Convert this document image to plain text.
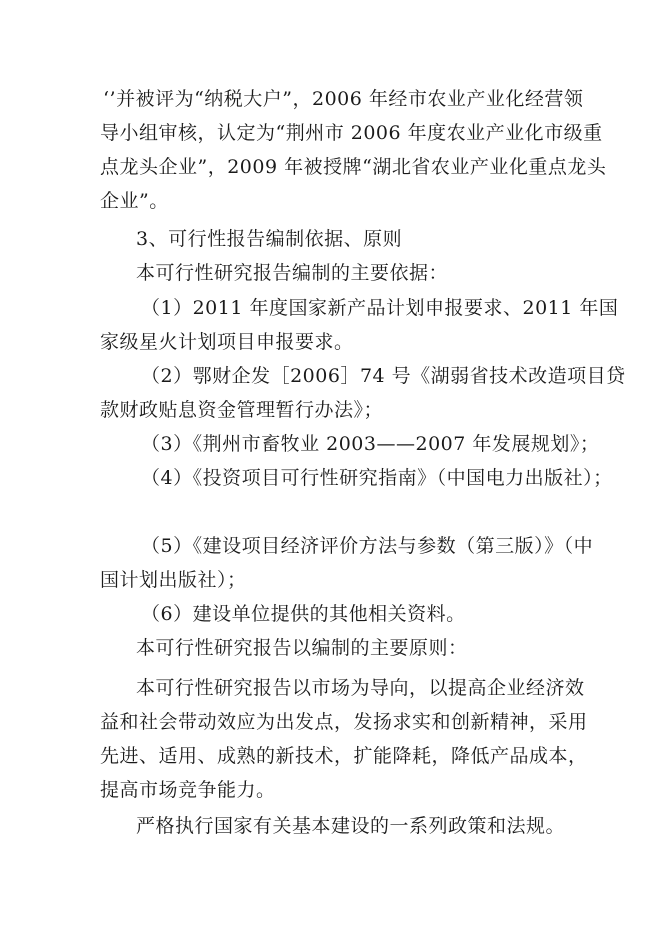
‘’并被评为“纳税大户”，2006 年经市农业产业化经营领
导小组审核，认定为“荆州市 2006 年度农业产业化市级重
点龙头企业”，2009 年被授牌“湖北省农业产业化重点龙头
企业”。
3、可行性报告编制依据、原则
本可行性研究报告编制的主要依据：
（1）2011 年度国家新产品计划申报要求、2011 年国
家级星火计划项目申报要求。
（2）鄂财企发［2006］74 号《湖弱省技术改造项目贷
款财政贴息资金管理暂行办法》；
（3）《荆州市畜牧业 2003——2007 年发展规划》；
（4）《投资项目可行性研究指南》（中国电力出版社）；
（5）《建设项目经济评价方法与参数（第三版）》（中
国计划出版社）；
（6）建设单位提供的其他相关资料。
本可行性研究报告以编制的主要原则：
本可行性研究报告以市场为导向，以提高企业经济效
益和社会带动效应为出发点，发扬求实和创新精神，采用
先进、适用、成熟的新技术，扩能降耗，降低产品成本，
提高市场竞争能力。
严格执行国家有关基本建设的一系列政策和法规。
